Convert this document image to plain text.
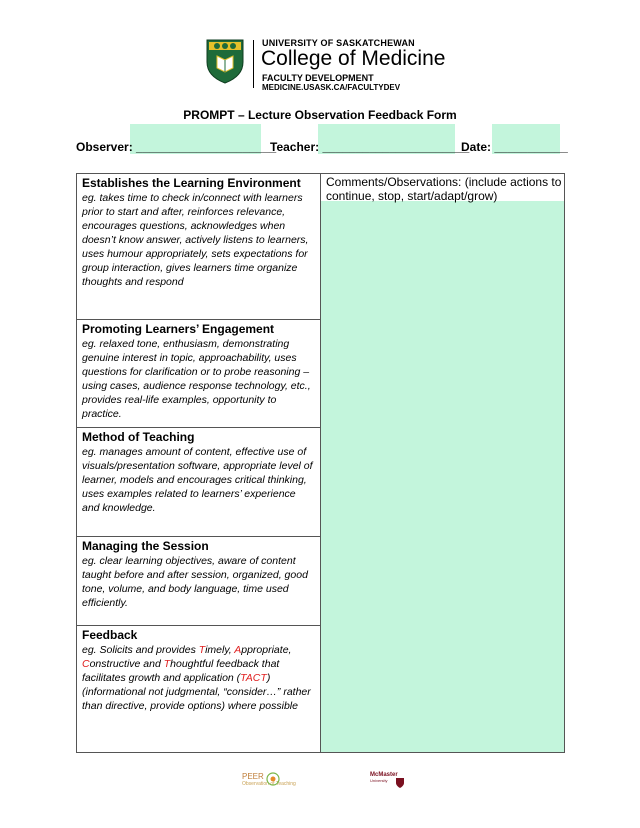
UNIVERSITY OF SASKATCHEWAN
College of Medicine
FACULTY DEVELOPMENT
MEDICINE.USASK.CA/FACULTYDEV
PROMPT – Lecture Observation Feedback Form
Observer: _____________________
Teacher: ______________________
Date: ___________
Comments/Observations: (include actions to continue, stop, start/adapt/grow)
Establishes the Learning Environment
eg. takes time to check in/connect with learners prior to start and after, reinforces relevance, encourages questions, acknowledges when doesn’t know answer, actively listens to learners, uses humour appropriately, sets expectations for group interaction, gives learners time organize thoughts and respond
Promoting Learners’ Engagement
eg. relaxed tone, enthusiasm, demonstrating genuine interest in topic, approachability, uses questions for clarification or to probe reasoning – using cases, audience response technology, etc., provides real-life examples, opportunity to practice.
Method of Teaching
eg. manages amount of content, effective use of visuals/presentation software, appropriate level of learner, models and encourages critical thinking, uses examples related to learners’ experience and knowledge.
Managing the Session
eg. clear learning objectives, aware of content taught before and after session, organized, good tone, volume, and body language, time used efficiently.
Feedback
eg. Solicits and provides Timely, Appropriate, Constructive and Thoughtful feedback that facilitates growth and application (TACT) (informational not judgmental, “consider…” rather than directive, provide options) where possible
PEER
Observation of Teaching
McMaster
University
